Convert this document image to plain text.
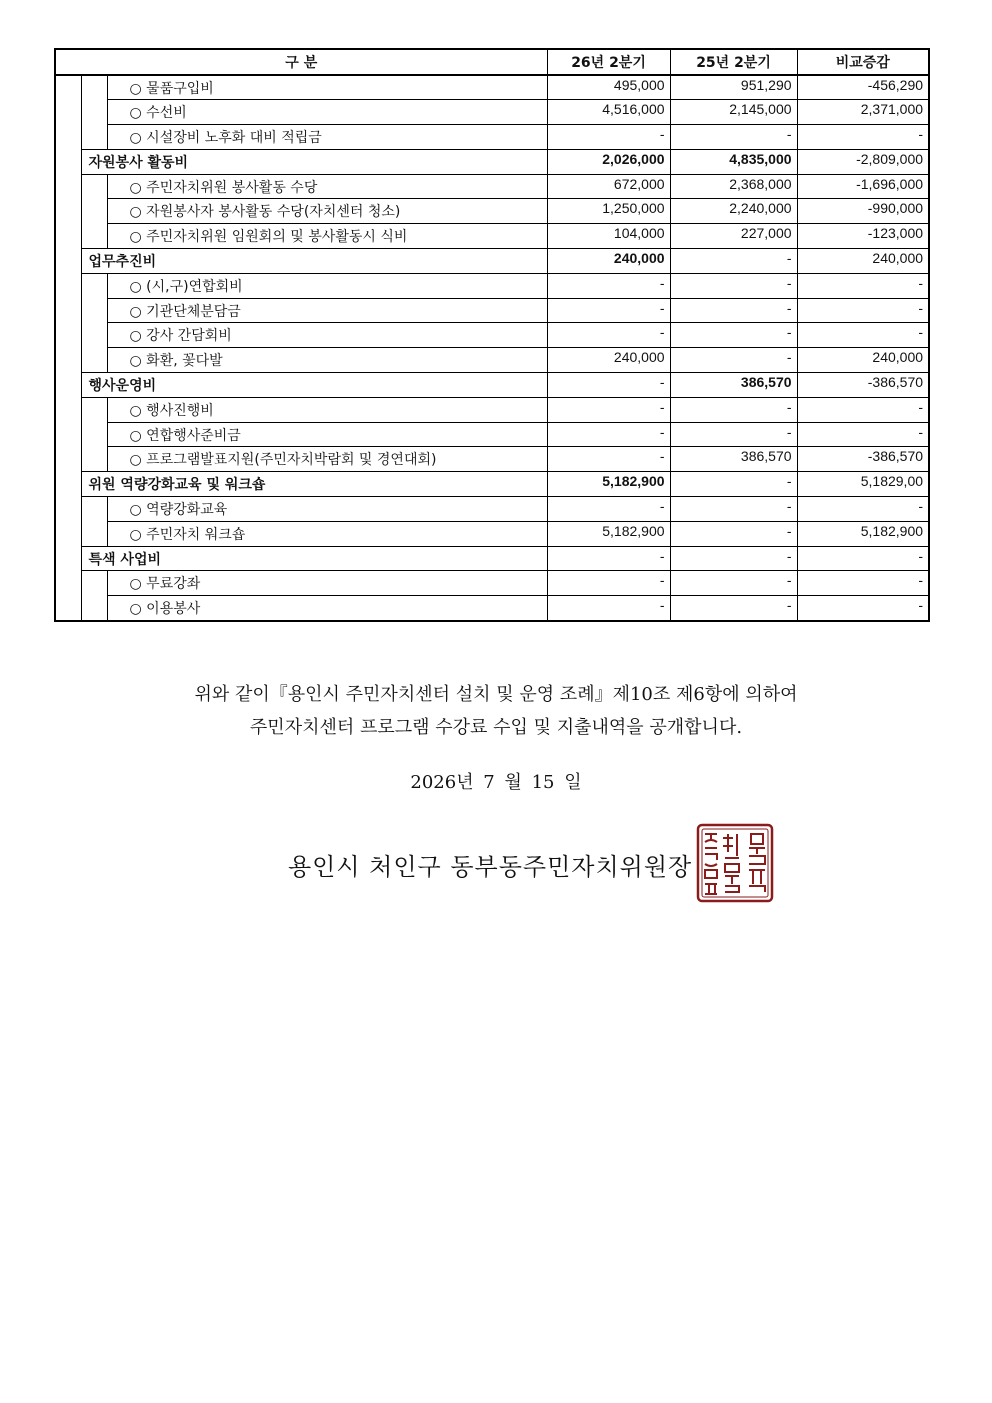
구 분			26년 2분기	25년 2분기	비교증감
		○ 물품구입비	495,000	951,290	-456,290
		○ 수선비	4,516,000	2,145,000	2,371,000
		○ 시설장비 노후화 대비 적립금	-	-	-
	자원봉사 활동비		2,026,000	4,835,000	-2,809,000
		○ 주민자치위원 봉사활동 수당	672,000	2,368,000	-1,696,000
		○ 자원봉사자 봉사활동 수당(자치센터 청소)	1,250,000	2,240,000	-990,000
		○ 주민자치위원 임원회의 및 봉사활동시 식비	104,000	227,000	-123,000
	업무추진비		240,000	-	240,000
		○ (시,구)연합회비	-	-	-
		○ 기관단체분담금	-	-	-
		○ 강사 간담회비	-	-	-
		○ 화환, 꽃다발	240,000	-	240,000
	행사운영비		-	386,570	-386,570
		○ 행사진행비	-	-	-
		○ 연합행사준비금	-	-	-
		○ 프로그램발표지원(주민자치박람회 및 경연대회)	-	386,570	-386,570
	위원 역량강화교육 및 워크숍		5,182,900	-	5,1829,00
		○ 역량강화교육	-	-	-
		○ 주민자치 워크숍	5,182,900	-	5,182,900
	특색 사업비		-	-	-
		○ 무료강좌	-	-	-
		○ 이용봉사	-	-	-
위와 같이『용인시 주민자치센터 설치 및 운영 조례』제10조 제6항에 의하여
주민자치센터 프로그램 수강료 수입 및 지출내역을 공개합니다.
2026년 7 월 15 일
용인시 처인구 동부동주민자치위원장
